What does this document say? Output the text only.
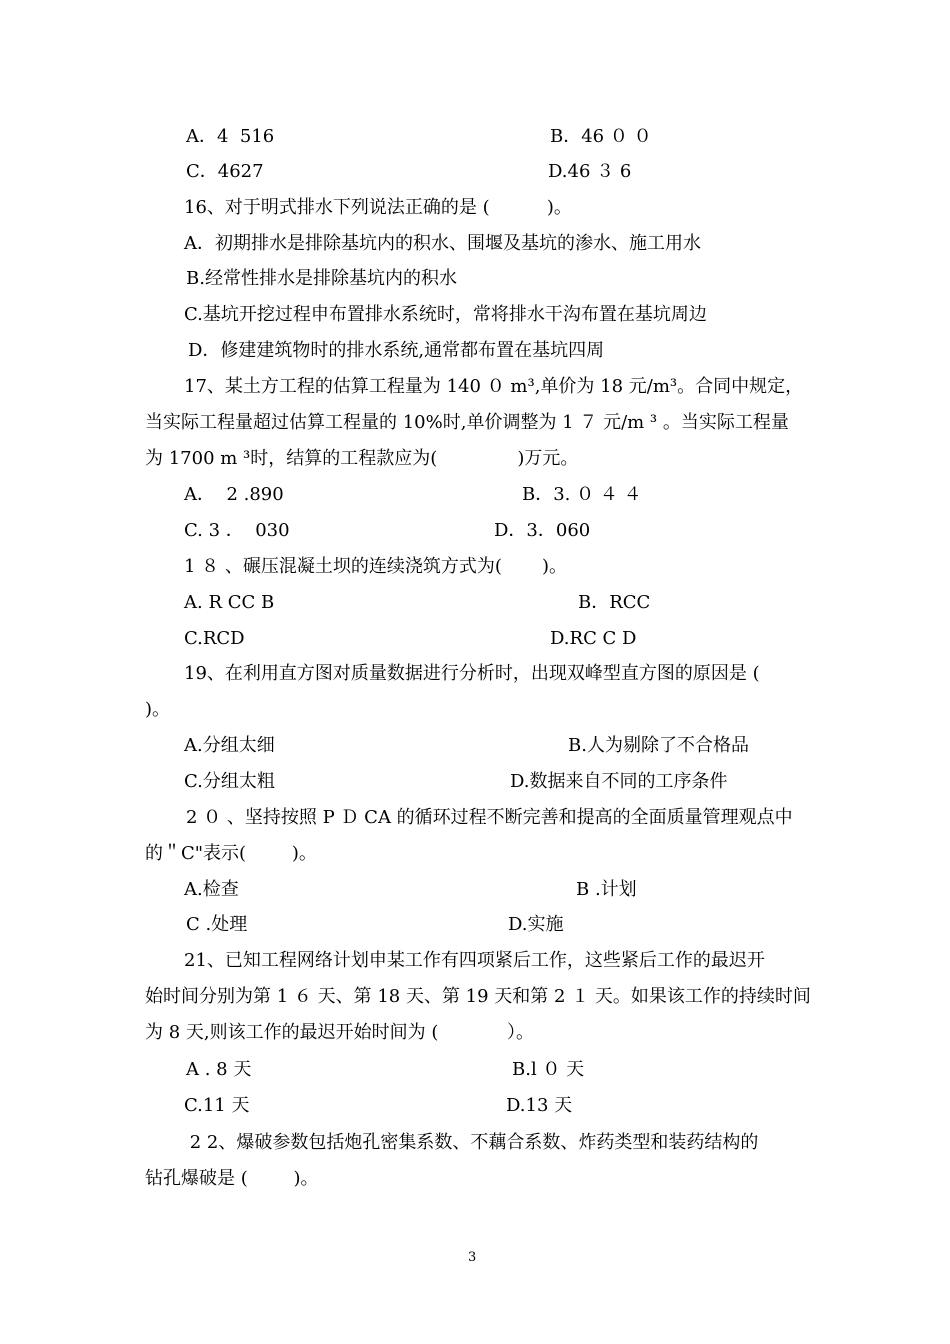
A．4  516	B．46 ０ ０
C．4627	D.46 ３ 6
16、对于明式排水下列说法正确的是 (          )。
A．初期排水是排除基坑内的积水、围堰及基坑的渗水、施工用水
B.经常性排水是排除基坑内的积水
C.基坑开挖过程申布置排水系统时，常将排水干沟布置在基坑周边
D．修建建筑物时的排水系统,通常都布置在基坑四周
17、某土方工程的估算工程量为 140 ０ m³,单价为 18 元/m³。合同中规定，
当实际工程量超过估算工程量的 10%时,单价调整为 1 ７ 元/m ³ 。当实际工程量
为 1700 m ³时，结算的工程款应为(              )万元。
A．  2 .890	B．3. ０ ４ ４
C. 3 ．  030	D．3．060
1 ８ 、碾压混凝土坝的连续浇筑方式为(       )。
A. R CC B	B．RCC
C.RCD	D.RC C D
19、在利用直方图对质量数据进行分析时，出现双峰型直方图的原因是 (
)。
A.分组太细	B.人为剔除了不合格品
C.分组太粗	D.数据来自不同的工序条件
2 ０ 、坚持按照 P Ｄ CA 的循环过程不断完善和提高的全面质量管理观点中
的＂C"表示(        )。
A.检查	B .计划
C .处理	D.实施
21、已知工程网络计划申某工作有四项紧后工作，这些紧后工作的最迟开
始时间分别为第 1 ６ 天、第 18 天、第 19 天和第 2 １ 天。如果该工作的持续时间
为 8 天,则该工作的最迟开始时间为 (            ）。
A . 8 天	B.l ０ 天
C.11 天	D.13 天
2 2、爆破参数包括炮孔密集系数、不藕合系数、炸药类型和装药结构的
钻孔爆破是 (        )。
3
